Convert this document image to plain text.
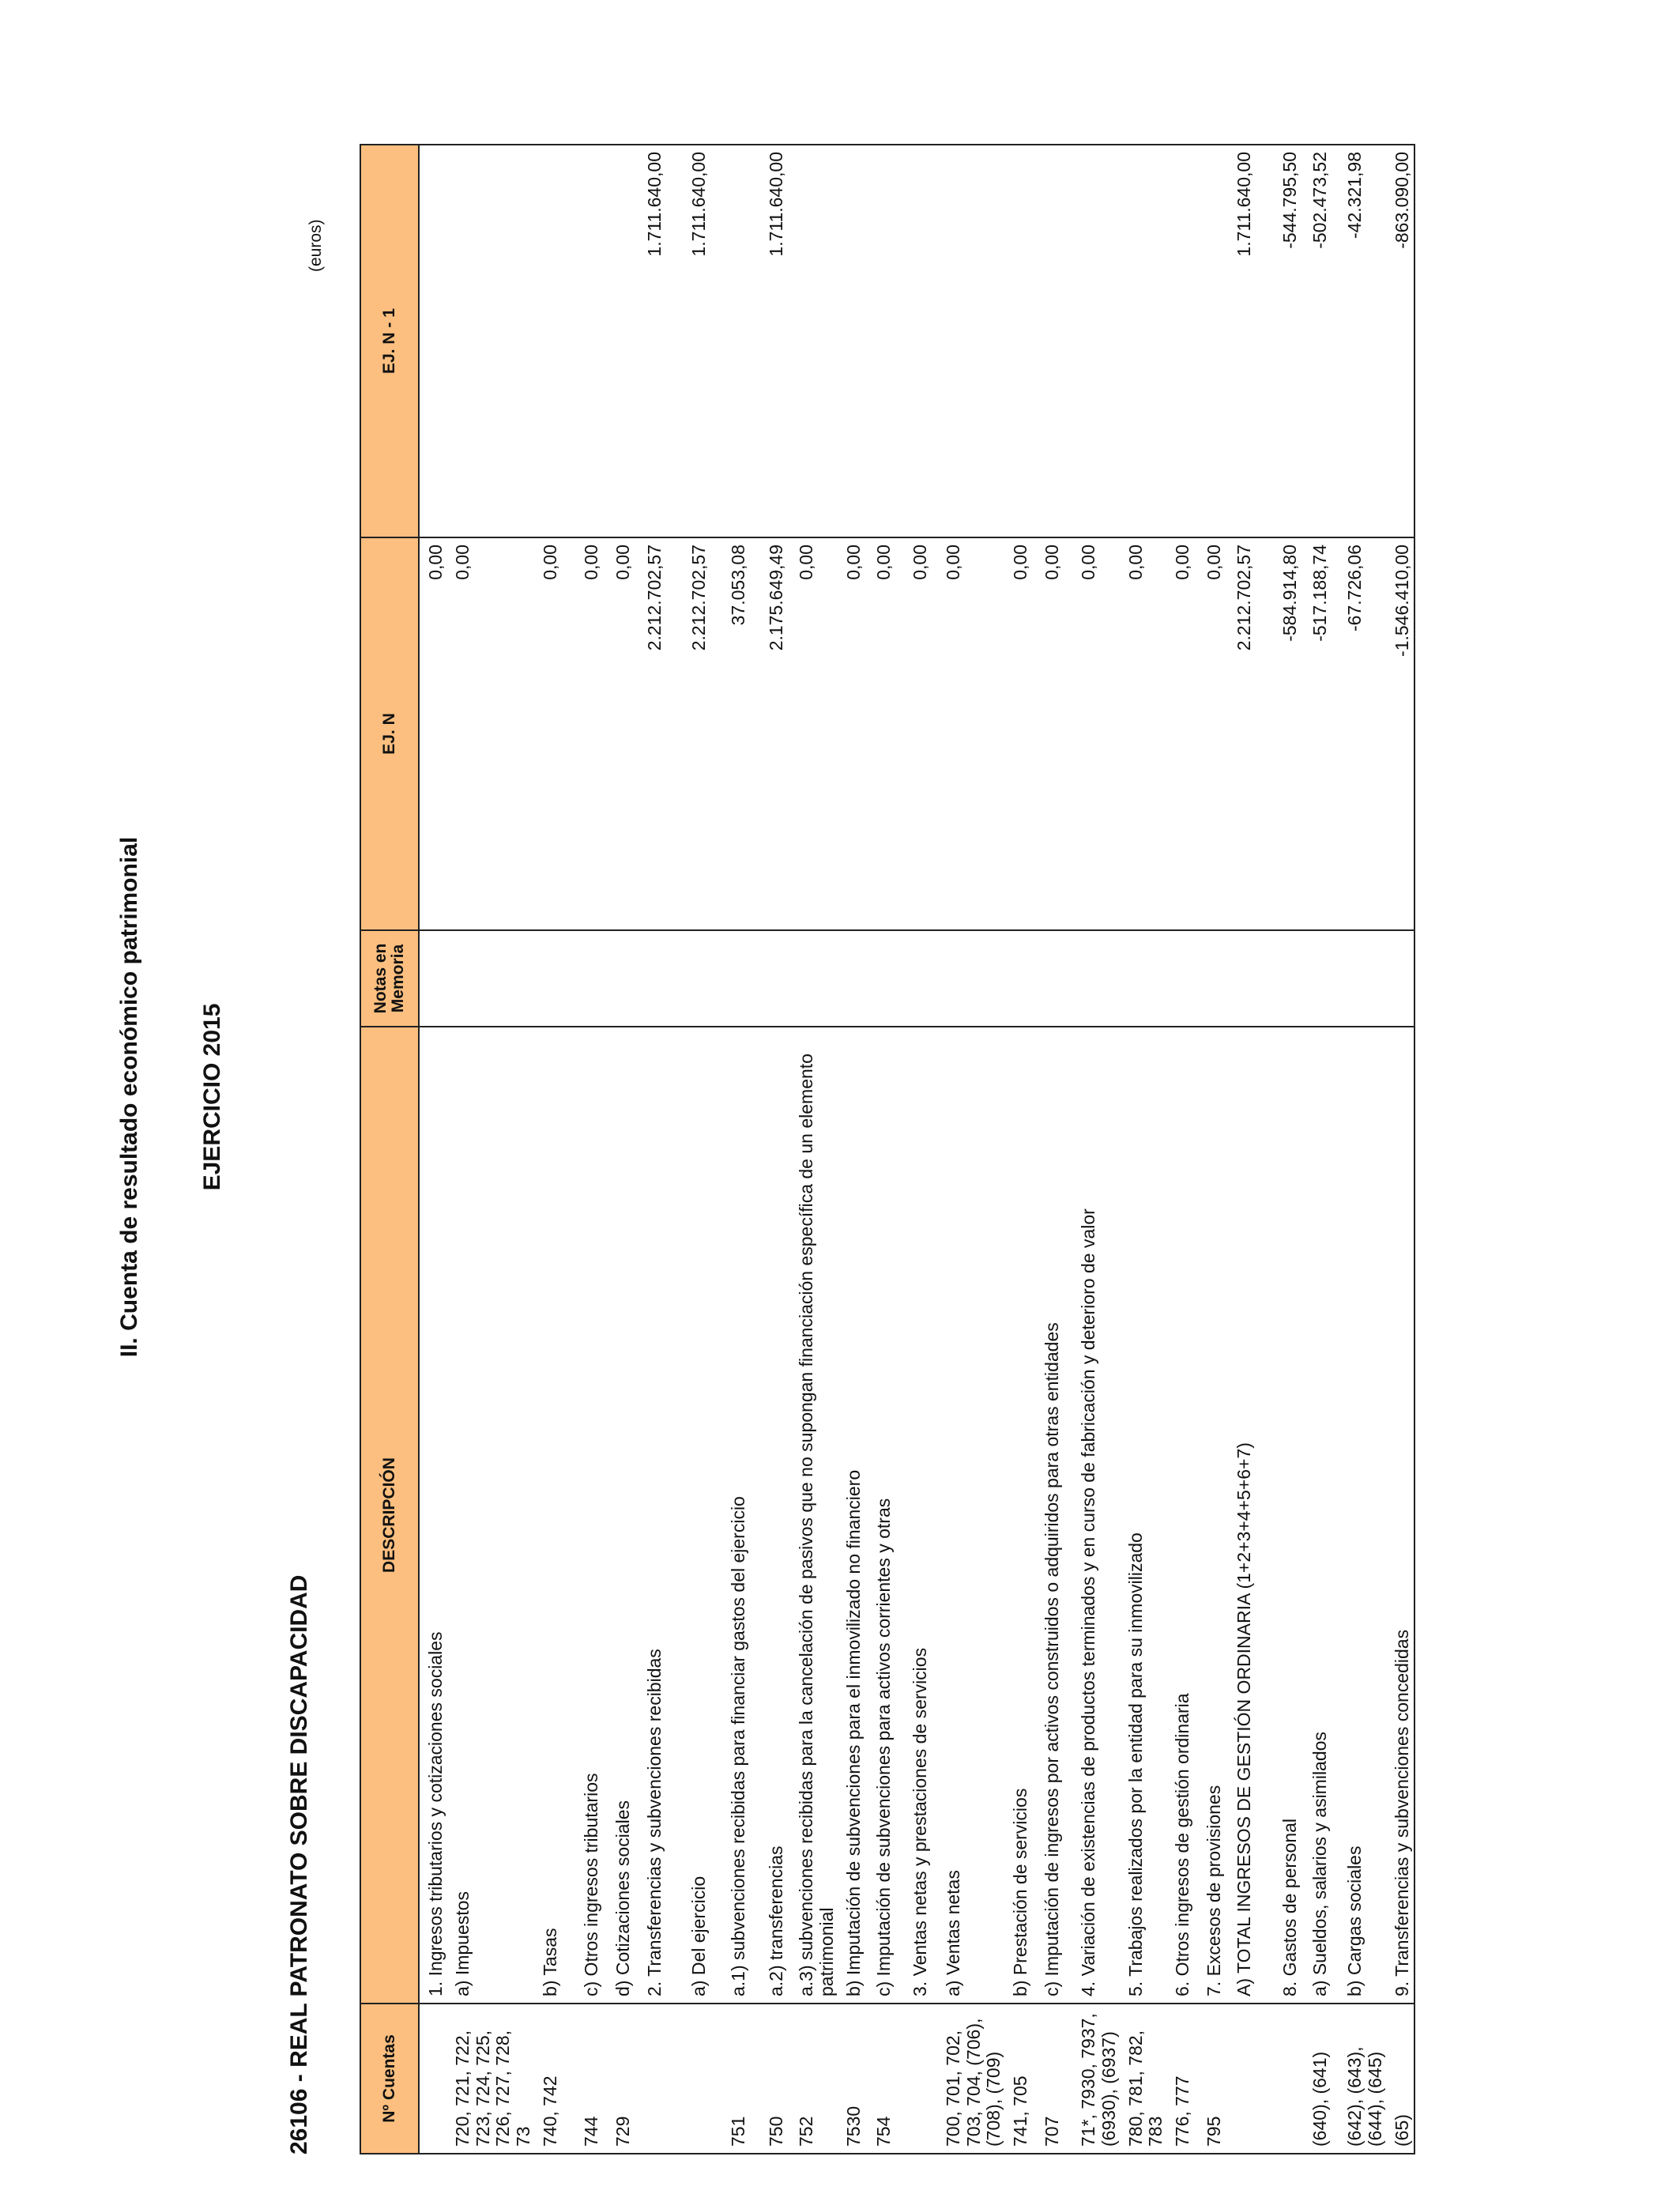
II. Cuenta de resultado económico patrimonial EJERCICIO 2015
26106 - REAL PATRONATO SOBRE DISCAPACIDAD
(euros)
Nº Cuentas	DESCRIPCIÓN	Notas en Memoria	EJ. N	EJ. N - 1
	1. Ingresos tributarios y cotizaciones sociales		0,00	
720, 721, 722, 723, 724, 725, 726, 727, 728, 73	a) Impuestos		0,00	
740, 742	b) Tasas		0,00	
744	c) Otros ingresos tributarios		0,00	
729	d) Cotizaciones sociales		0,00	
	2. Transferencias y subvenciones recibidas		2.212.702,57	1.711.640,00
	a) Del ejercicio		2.212.702,57	1.711.640,00
751	a.1) subvenciones recibidas para financiar gastos del ejercicio		37.053,08	
750	a.2) transferencias		2.175.649,49	1.711.640,00
752	a.3) subvenciones recibidas para la cancelación de pasivos que no supongan financiación específica de un elemento patrimonial		0,00	
7530	b) Imputación de subvenciones para el inmovilizado no financiero		0,00	
754	c) Imputación de subvenciones para activos corrientes y otras		0,00	
	3. Ventas netas y prestaciones de servicios		0,00	
700, 701, 702, 703, 704, (706), (708), (709)	a) Ventas netas		0,00	
741, 705	b) Prestación de servicios		0,00	
707	c) Imputación de ingresos por activos construidos o adquiridos para otras entidades		0,00	
71*, 7930, 7937, (6930), (6937)	4. Variación de existencias de productos terminados y en curso de fabricación y deterioro de valor		0,00	
780, 781, 782, 783	5. Trabajos realizados por la entidad para su inmovilizado		0,00	
776, 777	6. Otros ingresos de gestión ordinaria		0,00	
795	7. Excesos de provisiones		0,00	
	A) TOTAL INGRESOS DE GESTIÓN ORDINARIA (1+2+3+4+5+6+7)		2.212.702,57	1.711.640,00
	8. Gastos de personal		-584.914,80	-544.795,50
(640), (641)	a) Sueldos, salarios y asimilados		-517.188,74	-502.473,52
(642), (643), (644), (645)	b) Cargas sociales		-67.726,06	-42.321,98
(65)	9. Transferencias y subvenciones concedidas		-1.546.410,00	-863.090,00
